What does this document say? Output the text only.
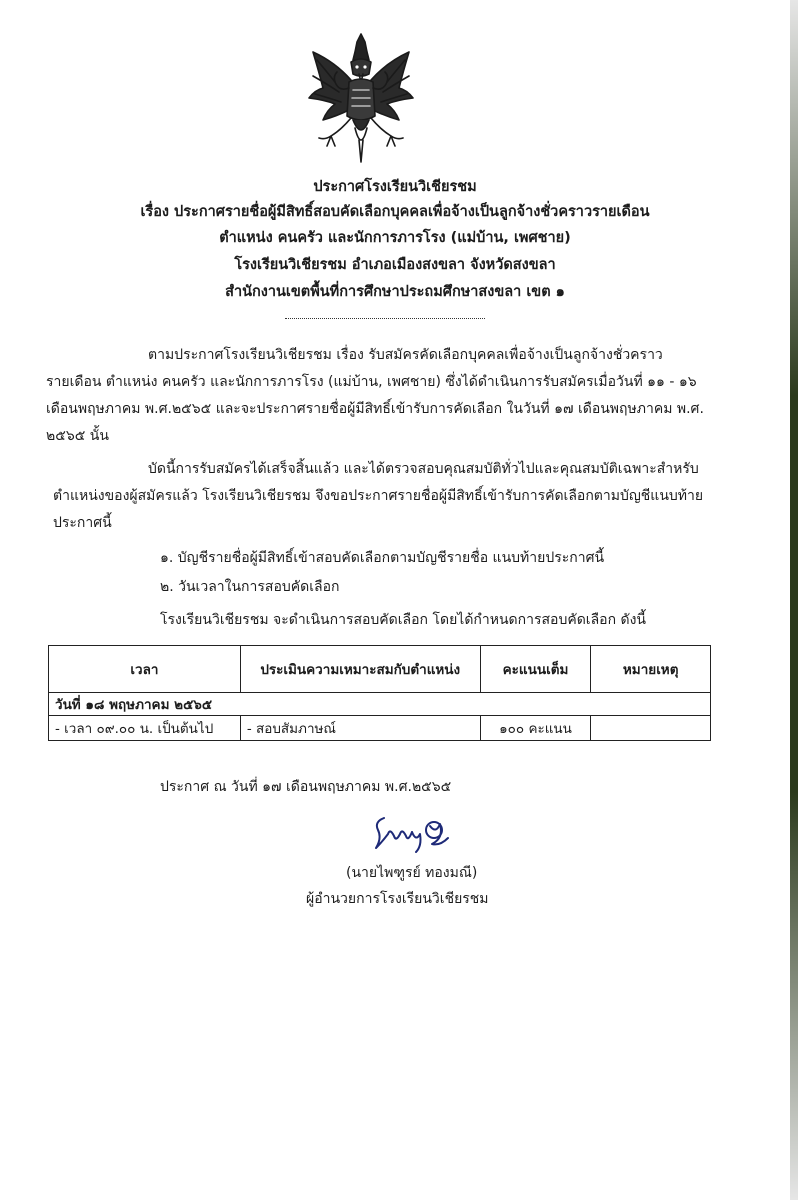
ประกาศโรงเรียนวิเชียรชม
เรื่อง ประกาศรายชื่อผู้มีสิทธิ์สอบคัดเลือกบุคคลเพื่อจ้างเป็นลูกจ้างชั่วคราวรายเดือน
ตำแหน่ง คนครัว และนักการภารโรง (แม่บ้าน, เพศชาย)
โรงเรียนวิเชียรชม อำเภอเมืองสงขลา จังหวัดสงขลา
สำนักงานเขตพื้นที่การศึกษาประถมศึกษาสงขลา เขต ๑
ตามประกาศโรงเรียนวิเชียรชม เรื่อง รับสมัครคัดเลือกบุคคลเพื่อจ้างเป็นลูกจ้างชั่วคราว
รายเดือน ตำแหน่ง คนครัว และนักการภารโรง (แม่บ้าน, เพศชาย) ซึ่งได้ดำเนินการรับสมัครเมื่อวันที่ ๑๑ - ๑๖
เดือนพฤษภาคม พ.ศ.๒๕๖๕ และจะประกาศรายชื่อผู้มีสิทธิ์เข้ารับการคัดเลือก ในวันที่ ๑๗ เดือนพฤษภาคม พ.ศ.
๒๕๖๕ นั้น
บัดนี้การรับสมัครได้เสร็จสิ้นแล้ว และได้ตรวจสอบคุณสมบัติทั่วไปและคุณสมบัติเฉพาะสำหรับ
ตำแหน่งของผู้สมัครแล้ว โรงเรียนวิเชียรชม จึงขอประกาศรายชื่อผู้มีสิทธิ์เข้ารับการคัดเลือกตามบัญชีแนบท้าย
ประกาศนี้
๑. บัญชีรายชื่อผู้มีสิทธิ์เข้าสอบคัดเลือกตามบัญชีรายชื่อ แนบท้ายประกาศนี้
๒. วันเวลาในการสอบคัดเลือก
โรงเรียนวิเชียรชม จะดำเนินการสอบคัดเลือก โดยได้กำหนดการสอบคัดเลือก ดังนี้
เวลา	ประเมินความเหมาะสมกับตำแหน่ง	คะแนนเต็ม	หมายเหตุ
วันที่ ๑๘ พฤษภาคม ๒๕๖๕			
- เวลา ๐๙.๐๐ น. เป็นต้นไป	- สอบสัมภาษณ์	๑๐๐ คะแนน	
ประกาศ ณ วันที่ ๑๗ เดือนพฤษภาคม พ.ศ.๒๕๖๕
(นายไพฑูรย์ ทองมณี)
ผู้อำนวยการโรงเรียนวิเชียรชม
